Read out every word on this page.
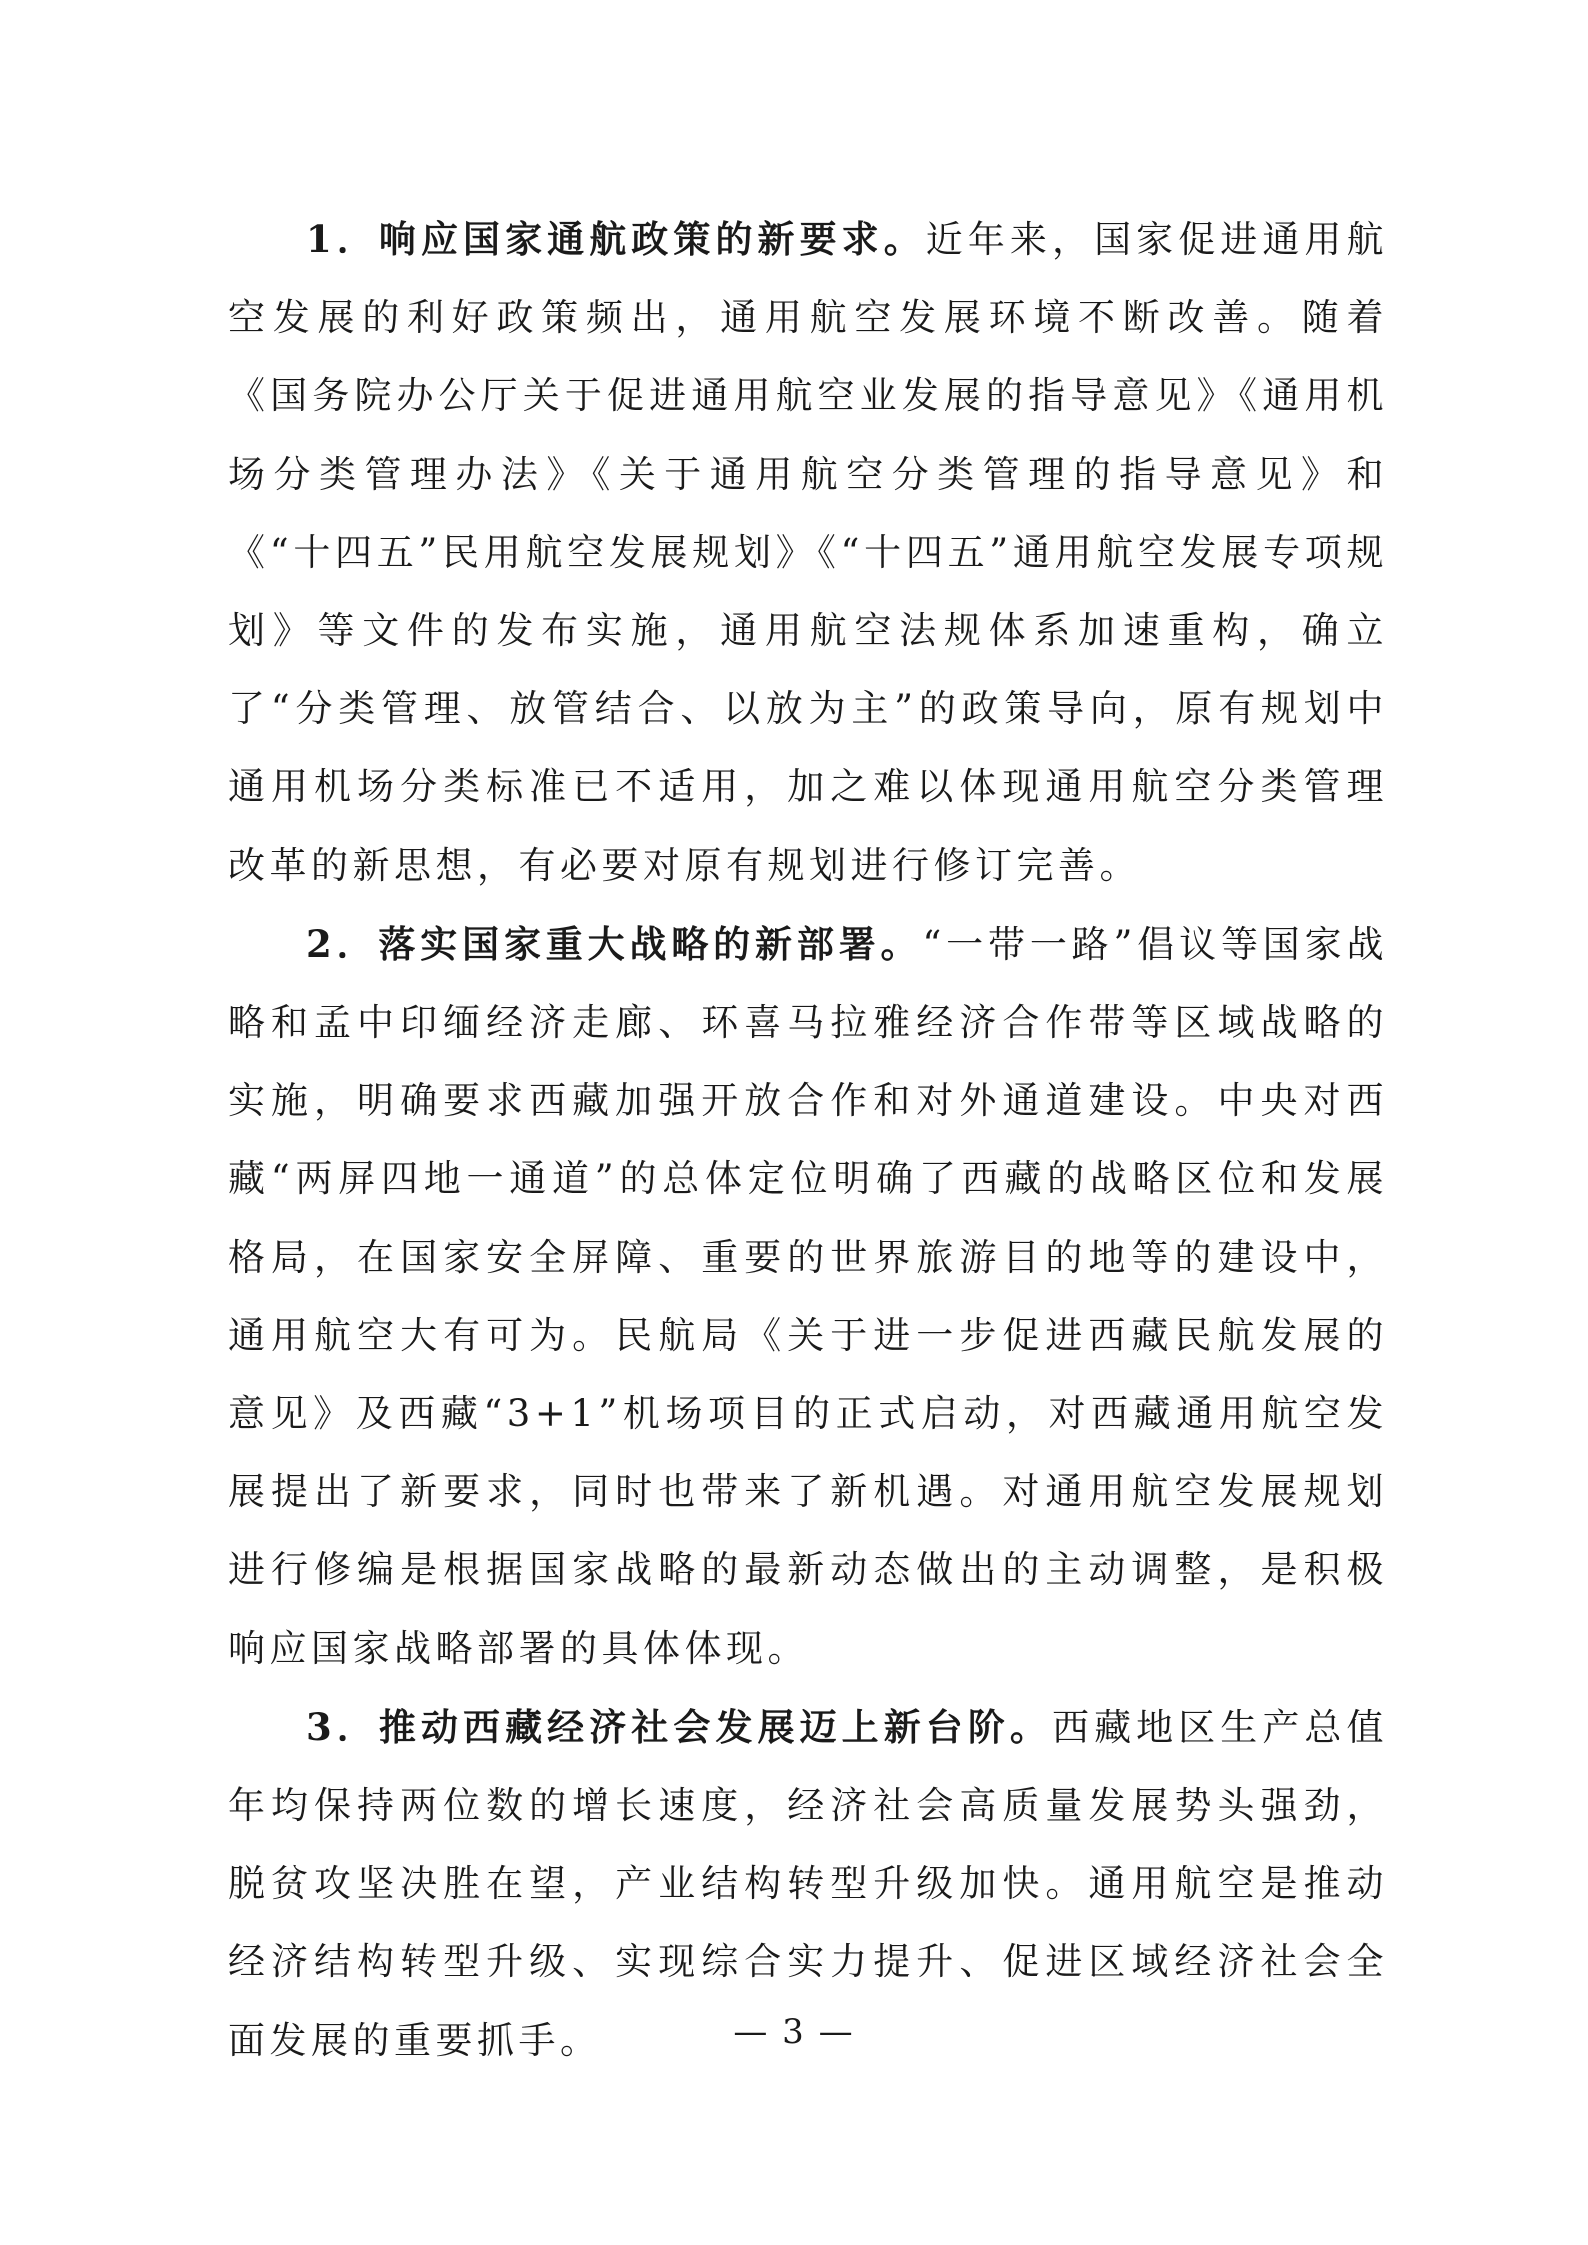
1．响应国家通航政策的新要求。近年来，国家促进通用航空发展的利好政策频出，通用航空发展环境不断改善。随着《国务院办公厅关于促进通用航空业发展的指导意见》《通用机场分类管理办法》《关于通用航空分类管理的指导意见》和《“十四五”民用航空发展规划》《“十四五”通用航空发展专项规划》等文件的发布实施，通用航空法规体系加速重构，确立了“分类管理、放管结合、以放为主”的政策导向，原有规划中通用机场分类标准已不适用，加之难以体现通用航空分类管理改革的新思想，有必要对原有规划进行修订完善。

2．落实国家重大战略的新部署。“一带一路”倡议等国家战略和孟中印缅经济走廊、环喜马拉雅经济合作带等区域战略的实施，明确要求西藏加强开放合作和对外通道建设。中央对西藏“两屏四地一通道”的总体定位明确了西藏的战略区位和发展格局，在国家安全屏障、重要的世界旅游目的地等的建设中，通用航空大有可为。民航局《关于进一步促进西藏民航发展的意见》及西藏“3+1”机场项目的正式启动，对西藏通用航空发展提出了新要求，同时也带来了新机遇。对通用航空发展规划进行修编是根据国家战略的最新动态做出的主动调整，是积极响应国家战略部署的具体体现。

3．推动西藏经济社会发展迈上新台阶。西藏地区生产总值年均保持两位数的增长速度，经济社会高质量发展势头强劲，脱贫攻坚决胜在望，产业结构转型升级加快。通用航空是推动经济结构转型升级、实现综合实力提升、促进区域经济社会全面发展的重要抓手。	— 3 —
